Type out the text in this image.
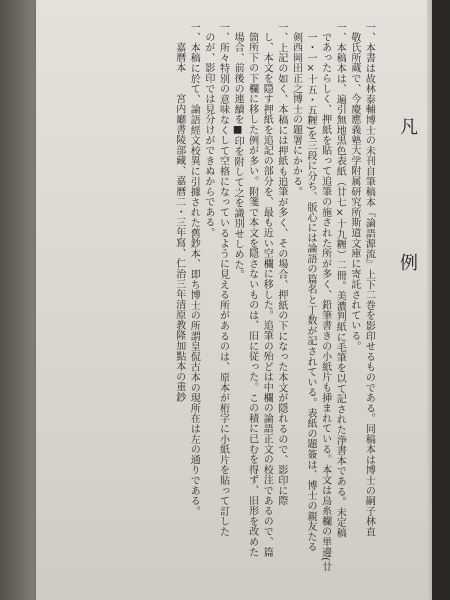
凡　例
一、本書は故林泰輔博士の未刊自筆稿本『論語源流』上下二巻を影印せるものである。同稿本は博士の嗣子林直
敬氏所蔵で、今慶應義塾大学附属研究所斯道文庫に寄託されている。
一、本稿本は、遍引無地黒色表紙（廿七×十九糎）二冊。美濃判紙に毛筆を以て記された浄書本である。未定稿
であったらしく、押紙を貼って追筆の施された所が多く、鉛筆書きの小紙片も挿まれている。本文は烏糸欄の単邊(廿
一・一×十五・五糎)を三段に分ち、版心には論語の篇名と丁数が記されている。表紙の題簽は、博士の親友たる
剣西岡田正之博士の題署にかかる。
一、上記の如く、本稿には押紙も追筆が多く、その場合、押紙の下になった本文が隠れるので、影印に際
し、本文を隠す押紙を追記の部分を、最も近い空欄に移した。追筆の殆どは中欄の論語正文の校注であるので、篇
箇所下の下欄に移した例が多い。附箋で本文を隠さないものは、旧に従った。この積に已むを得ず、旧形を改めた
場合、前後の連續を■印を附して之を識別せしめた。
一、所々特別の意味なくして空格になっているように見える所があるのは、原本が桁字に小紙片を貼って訂した
のが、影印では見分けができぬからである。
一、本稿に於て、論語經文校異に引據された舊鈔本、即ち博士の所謂皇侃古本の現所在は左の通りである。
嘉曆本　　宮内廳書陵部藏、嘉曆二・三年寫、仁治三年清原教隆加點本の重鈔
